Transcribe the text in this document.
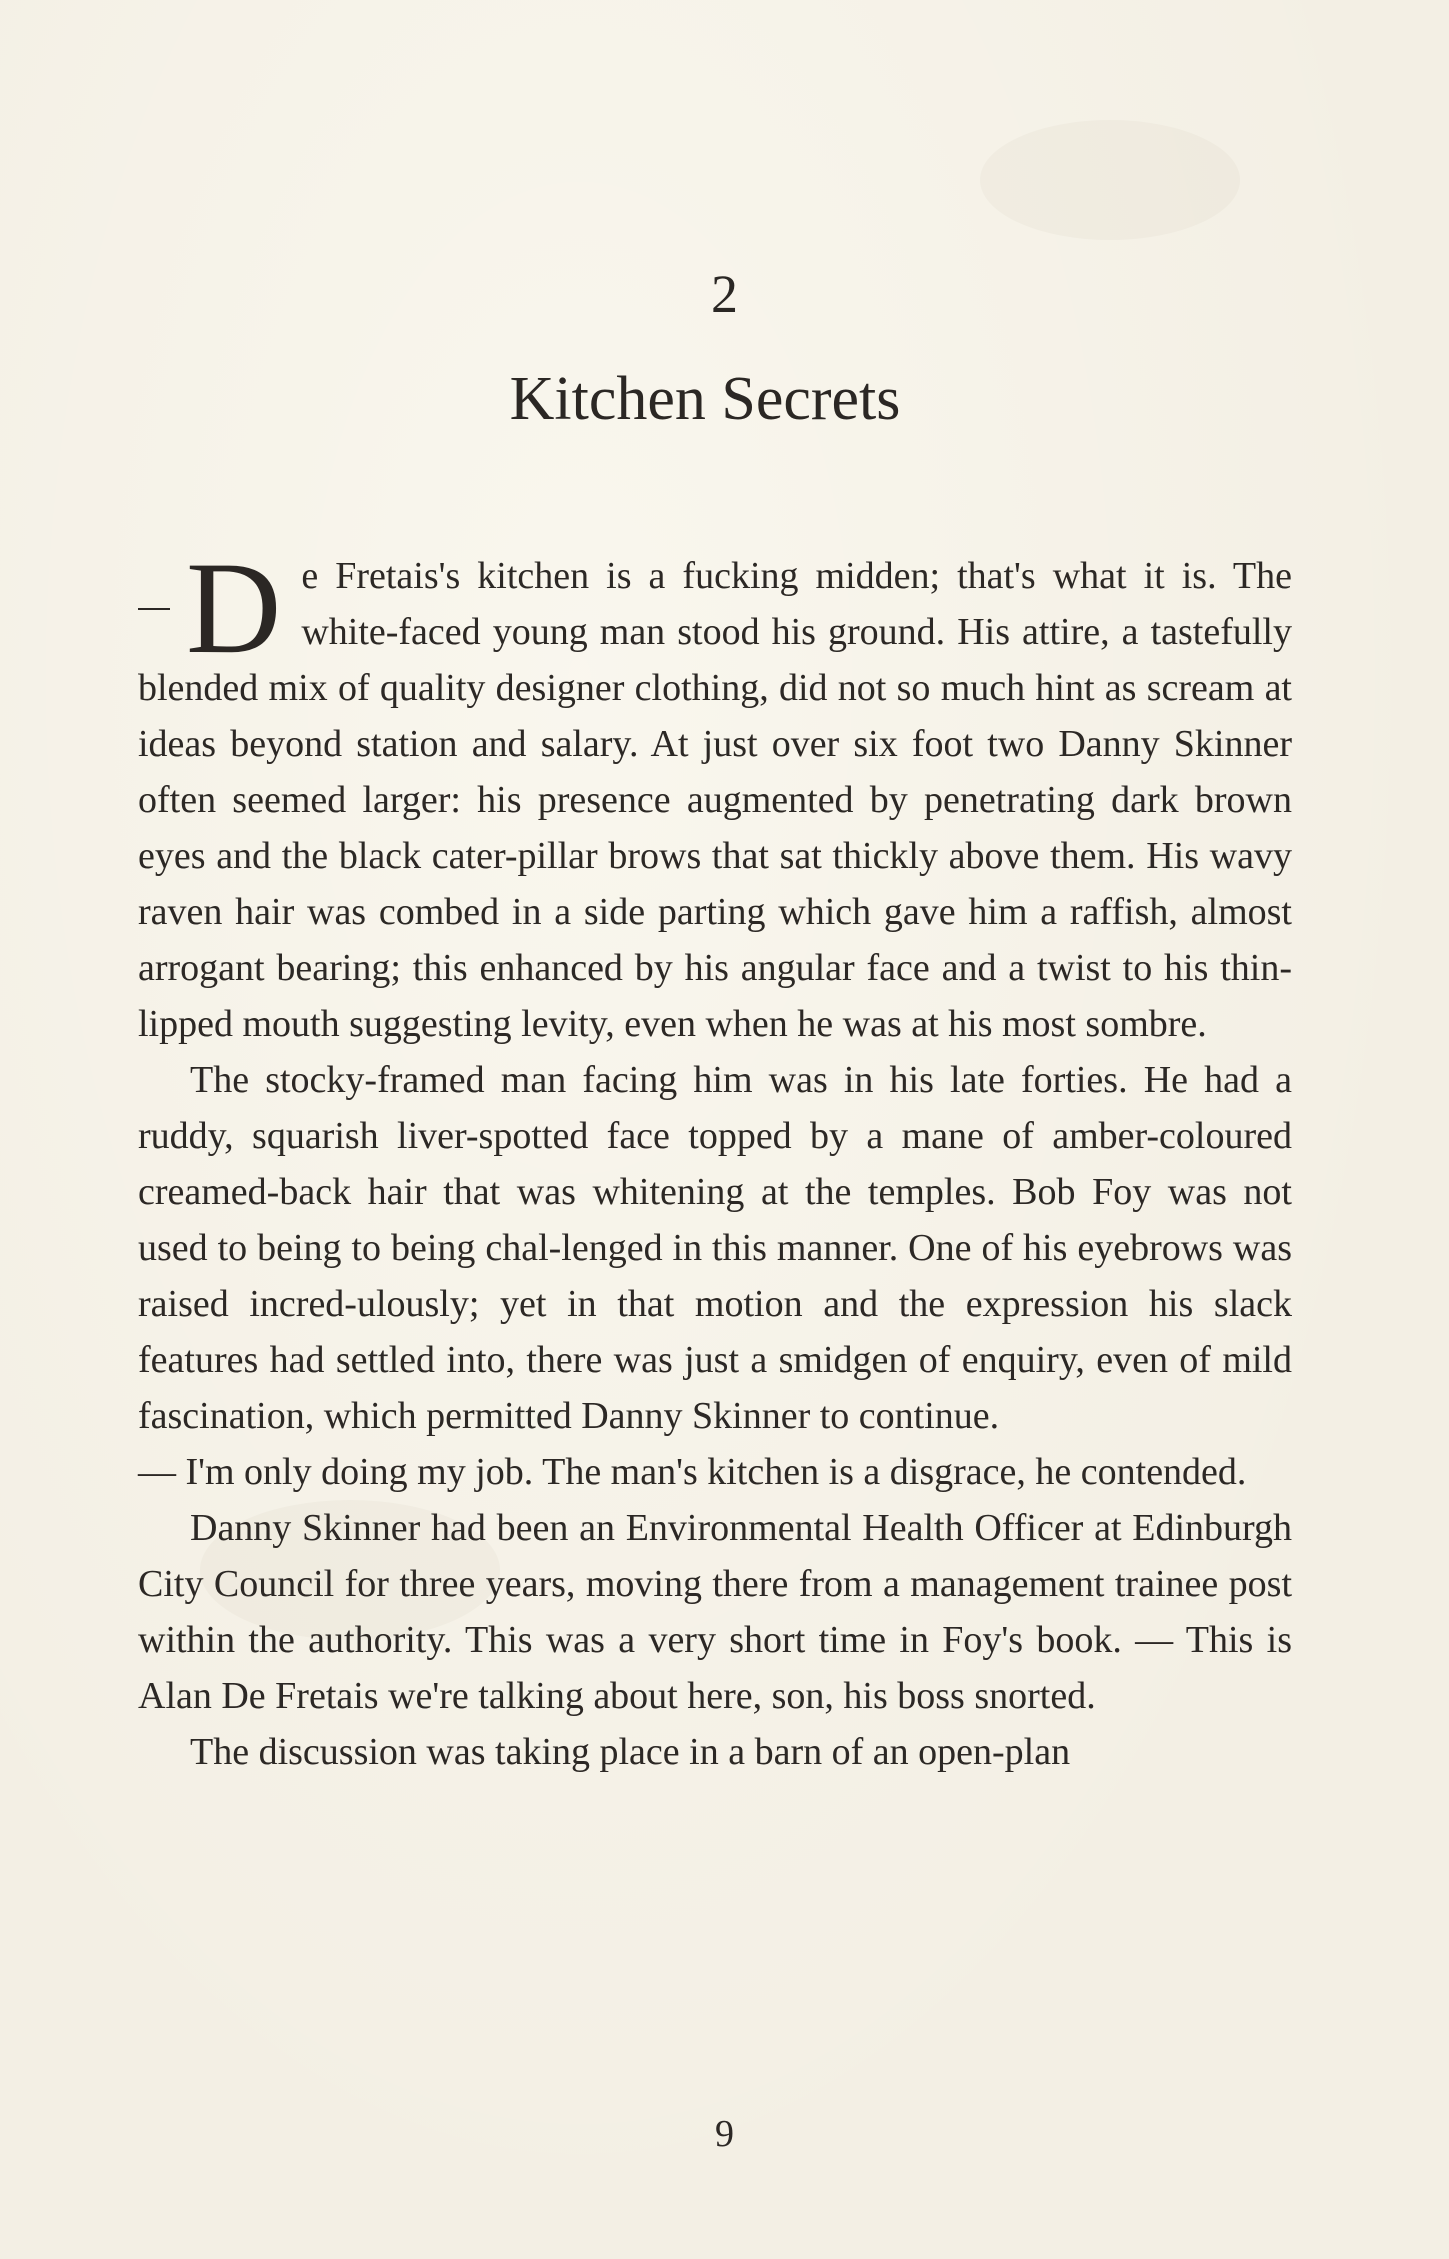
2
Kitchen Secrets

D e Fretais's kitchen is a fucking midden; that's what it is. The white-faced young man stood his ground. His attire, a tastefully blended mix of quality designer clothing, did not so much hint as scream at ideas beyond station and salary. At just over six foot two Danny Skinner often seemed larger: his presence augmented by penetrating dark brown eyes and the black cater-pillar brows that sat thickly above them. His wavy raven hair was combed in a side parting which gave him a raffish, almost arrogant bearing; this enhanced by his angular face and a twist to his thin-lipped mouth suggesting levity, even when he was at his most sombre.

The stocky-framed man facing him was in his late forties. He had a ruddy, squarish liver-spotted face topped by a mane of amber-coloured creamed-back hair that was whitening at the temples. Bob Foy was not used to being to being chal-lenged in this manner. One of his eyebrows was raised incred-ulously; yet in that motion and the expression his slack features had settled into, there was just a smidgen of enquiry, even of mild fascination, which permitted Danny Skinner to continue.

— I'm only doing my job. The man's kitchen is a disgrace, he contended.

Danny Skinner had been an Environmental Health Officer at Edinburgh City Council for three years, moving there from a management trainee post within the authority. This was a very short time in Foy's book. — This is Alan De Fretais we're talking about here, son, his boss snorted.

The discussion was taking place in a barn of an open-plan

9
